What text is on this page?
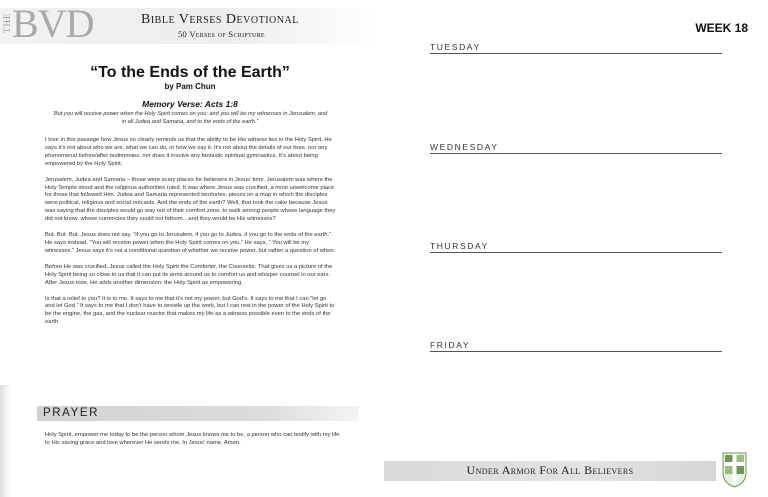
THE BVD	Bible Verses Devotional
50 Verses of Scripture
“To the Ends of the Earth”
by Pam Chun
Memory Verse: Acts 1:8
‘But you will receive power when the Holy Spirit comes on you; and you will be my witnesses in Jerusalem, and in all Judea and Samaria, and to the ends of the earth.”

I love in this passage how Jesus so clearly reminds us that the ability to be His witness lies in the Holy Spirit. He says it’s not about who we are, what we can do, or how we say it. It’s not about the details of our lives, nor any phenomenal before/after testimonies, nor does it involve any fantastic spiritual gymnastics. It’s about being empowered by the Holy Spirit.

Jerusalem, Judea and Samaria – those were scary places for believers in Jesus’ time. Jerusalem was where the Holy Temple stood and the religious authorities ruled. It was where Jesus was crucified, a most unwelcome place for those that followed Him. Judea and Samaria represented territories, pieces on a map in which the disciples were political, religious and social outcasts. And the ends of the earth? Well, that took the cake because Jesus was saying that the disciples would go way out of their comfort zone, to walk among people whose language they did not know, whose currencies they could not fathom…and they would be His witnesses?

But. But. But. Jesus does not say, “If you go to Jerusalem, if you go to Judea, if you go to the ends of the earth.” He says instead, “You will receive power when the Holy Spirit comes on you.” He says, “ You will be my witnesses.” Jesus says it’s not a conditional question of whether we receive power, but rather a question of when.

Before He was crucified, Jesus called the Holy Spirit the Comforter, the Counselor. That gives us a picture of the Holy Spirit being so close to us that it can put its arms around us to comfort us and whisper counsel in our ears. After Jesus rose, He adds another dimension: the Holy Spirit as empowering.

Is that a relief to you? It is to me. It says to me that it’s not my power, but God’s. It says to me that I can “let go and let God.” It says to me that I don’t have to wrestle up the work, but I can rest in the power of the Holy Spirit to be the engine, the gas, and the nuclear reactor that makes my life as a witness possible even to the ends of the earth.

PRAYER
Holy Spirit, empower me today to be the person whom Jesus knows me to be, a person who can testify with my life to His saving grace and love wherever He sends me. In Jesus’ name, Amen.
WEEK 18
TUESDAY
WEDNESDAY
THURSDAY
FRIDAY
Under Armor For All Believers
